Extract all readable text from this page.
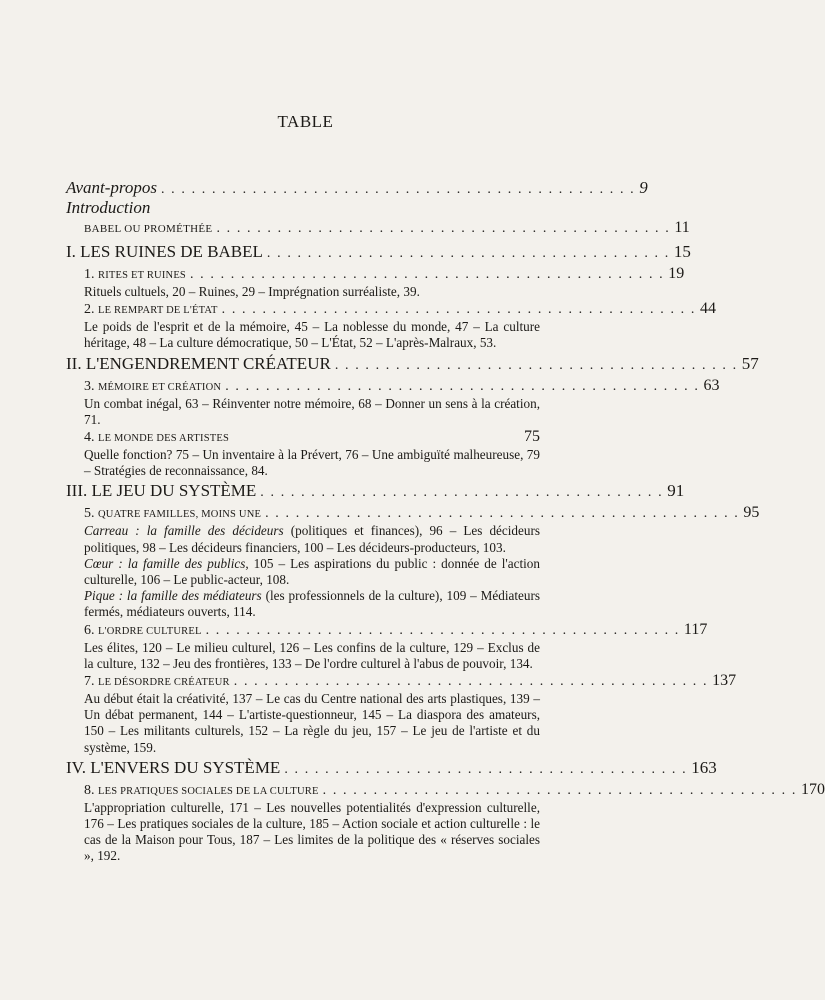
TABLE
Avant-propos . . . . . . . . . . . . . . . . . . . . . . . . . . . . . . . . . . . . . . . . . . . . . . . 9
Introduction
BABEL OU PROMÉTHÉE . . . . . . . . . . . . . . . . . . . . . . . . . . . . . . . . . . . . . . . . . . . . . 11
I. LES RUINES DE BABEL . . . . . . . . . . . . . . . . . . . . . . . . . . . . . . . . . . . . . . . . 15
1. RITES ET RUINES . . . . . . . . . . . . . . . . . . . . . . . . . . . . . . . . . . . . . . . . . . . . . . . 19
Rituels cultuels, 20 – Ruines, 29 – Imprégnation surréaliste, 39.
2. LE REMPART DE L'ÉTAT . . . . . . . . . . . . . . . . . . . . . . . . . . . . . . . . . . . . . . . . . . . . . . . 44
Le poids de l'esprit et de la mémoire, 45 – La noblesse du monde, 47 – La culture héritage, 48 – La culture démocratique, 50 – L'État, 52 – L'après-Malraux, 53.
II. L'ENGENDREMENT CRÉATEUR . . . . . . . . . . . . . . . . . . . . . . . . . . . . . . . . . . . . . . . . 57
3. MÉMOIRE ET CRÉATION . . . . . . . . . . . . . . . . . . . . . . . . . . . . . . . . . . . . . . . . . . . . . . . 63
Un combat inégal, 63 – Réinventer notre mémoire, 68 – Donner un sens à la création, 71.
4. LE MONDE DES ARTISTES	75
Quelle fonction? 75 – Un inventaire à la Prévert, 76 – Une ambiguïté malheureuse, 79 – Stratégies de reconnaissance, 84.
III. LE JEU DU SYSTÈME . . . . . . . . . . . . . . . . . . . . . . . . . . . . . . . . . . . . . . . . 91
5. QUATRE FAMILLES, MOINS UNE . . . . . . . . . . . . . . . . . . . . . . . . . . . . . . . . . . . . . . . . . . . . . . . 95

Carreau : la famille des décideurs (politiques et finances), 96 – Les décideurs politiques, 98 – Les décideurs financiers, 100 – Les décideurs-producteurs, 103.

Cœur : la famille des publics, 105 – Les aspirations du public : donnée de l'action culturelle, 106 – Le public-acteur, 108.

Pique : la famille des médiateurs (les professionnels de la culture), 109 – Médiateurs fermés, médiateurs ouverts, 114.

6. L'ORDRE CULTUREL . . . . . . . . . . . . . . . . . . . . . . . . . . . . . . . . . . . . . . . . . . . . . . . 117
Les élites, 120 – Le milieu culturel, 126 – Les confins de la culture, 129 – Exclus de la culture, 132 – Jeu des frontières, 133 – De l'ordre culturel à l'abus de pouvoir, 134.
7. LE DÉSORDRE CRÉATEUR . . . . . . . . . . . . . . . . . . . . . . . . . . . . . . . . . . . . . . . . . . . . . . . 137
Au début était la créativité, 137 – Le cas du Centre national des arts plastiques, 139 – Un débat permanent, 144 – L'artiste-questionneur, 145 – La diaspora des amateurs, 150 – Les militants culturels, 152 – La règle du jeu, 157 – Le jeu de l'artiste et du système, 159.
IV. L'ENVERS DU SYSTÈME . . . . . . . . . . . . . . . . . . . . . . . . . . . . . . . . . . . . . . . . 163
8. LES PRATIQUES SOCIALES DE LA CULTURE . . . . . . . . . . . . . . . . . . . . . . . . . . . . . . . . . . . . . . . . . . . . . . . 170
L'appropriation culturelle, 171 – Les nouvelles potentialités d'expression culturelle, 176 – Les pratiques sociales de la culture, 185 – Action sociale et action culturelle : le cas de la Maison pour Tous, 187 – Les limites de la politique des « réserves sociales », 192.
